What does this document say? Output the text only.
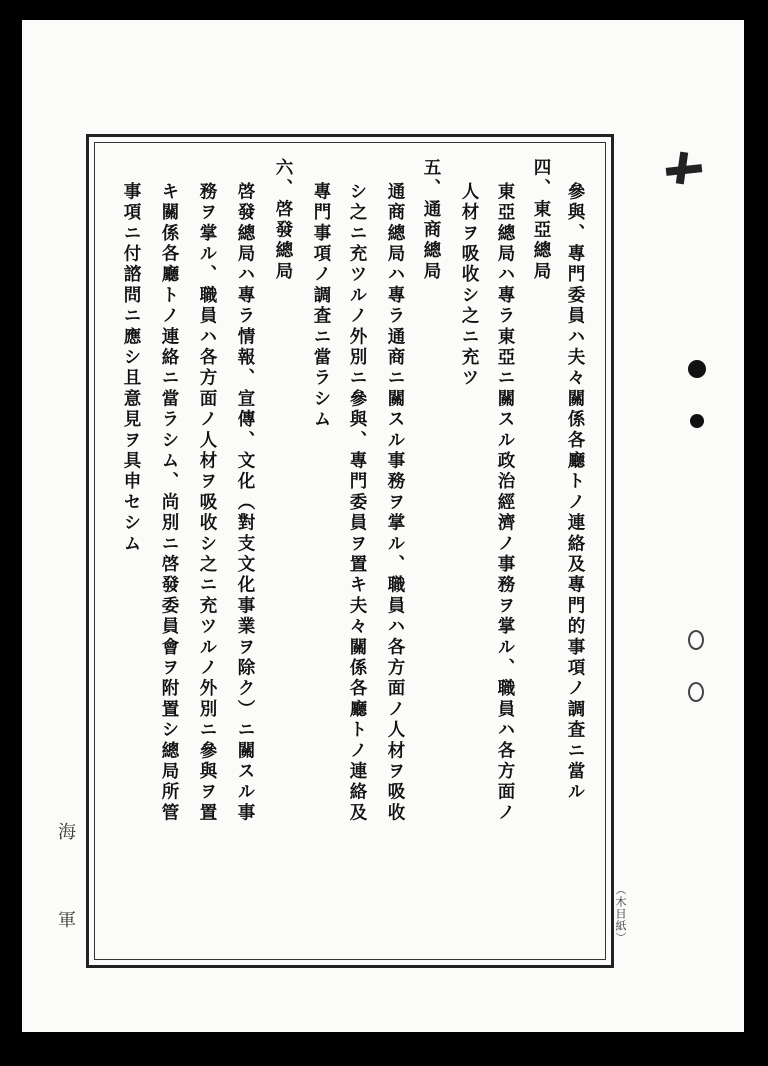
參與、專門委員ハ夫々關係各廳トノ連絡及專門的事項ノ調査ニ當ル
四、東亞總局
東亞總局ハ專ラ東亞ニ關スル政治經濟ノ事務ヲ掌ル、職員ハ各方面ノ
人材ヲ吸收シ之ニ充ツ
五、通商總局
通商總局ハ專ラ通商ニ關スル事務ヲ掌ル、職員ハ各方面ノ人材ヲ吸收
シ之ニ充ツルノ外別ニ參與、專門委員ヲ置キ夫々關係各廳トノ連絡及
專門事項ノ調査ニ當ラシム
六、啓發總局
啓發總局ハ專ラ情報、宣傳、文化（對支文化事業ヲ除ク）ニ關スル事
務ヲ掌ル、職員ハ各方面ノ人材ヲ吸收シ之ニ充ツルノ外別ニ參與ヲ置
キ關係各廳トノ連絡ニ當ラシム、尚別ニ啓發委員會ヲ附置シ總局所管
事項ニ付諮問ニ應シ且意見ヲ具申セシム
海
軍	（木目紙）
